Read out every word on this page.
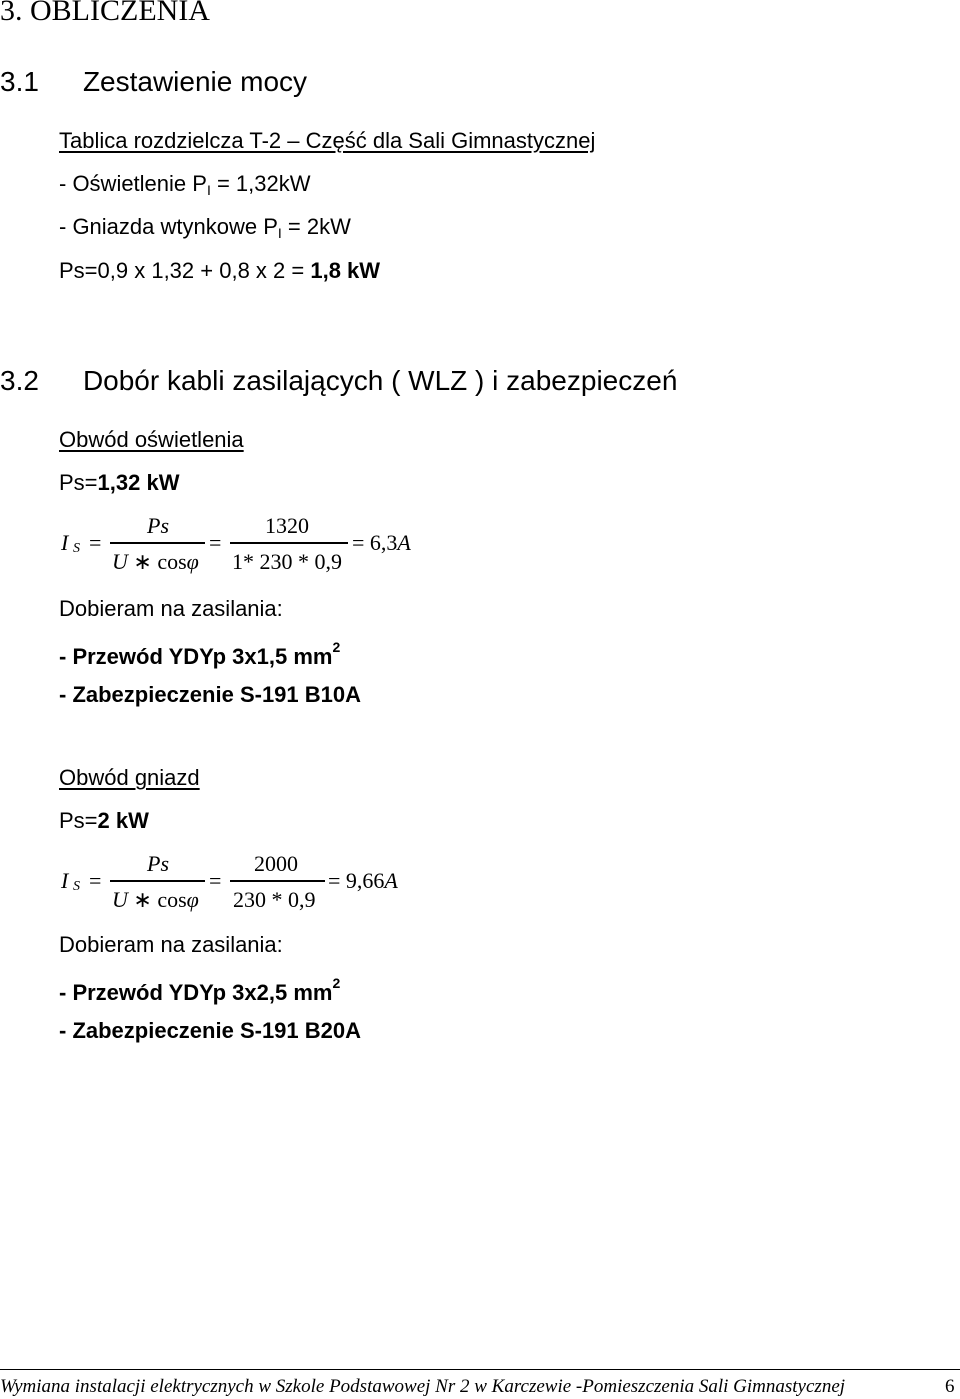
3. OBLICZENIA
3.1 Zestawienie mocy
Tablica rozdzielcza T-2 – Część dla Sali Gimnastycznej
- Oświetlenie $P_I = 1,32kW$
- Gniazda wtynkowe $P_I = 2kW$
Ps=0,9 x 1,32 + 0,8 x 2 = 1,8 kW
3.2 Dobór kabli zasilających ( WLZ ) i zabezpieczeń
Obwód oświetlenia
Ps=1,32 kW
I S =
Ps
U ∗ cosφ
=
1320
1* 230 * 0,9
= 6,3A
Dobieram na zasilania:
- Przewód YDYp 3x1,5 $mm^2$
- Zabezpieczenie S-191 B10A
Obwód gniazd
Ps=2 kW
I S =
Ps
U ∗ cosφ
=
2000
230 * 0,9
= 9,66A
Dobieram na zasilania:
- Przewód YDYp 3x2,5 $mm^2$
- Zabezpieczenie S-191 B20A
Wymiana instalacji elektrycznych w Szkole Podstawowej Nr 2 w Karczewie -Pomieszczenia Sali Gimnastycznej	6
